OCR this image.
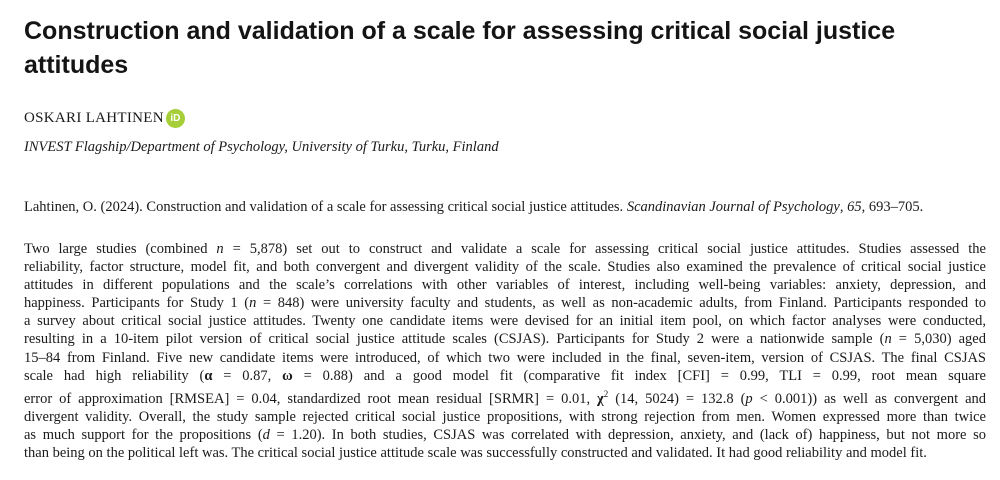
Construction and validation of a scale for assessing critical social justice attitudes
OSKARI LAHTINEN iD
INVEST Flagship/Department of Psychology, University of Turku, Turku, Finland
Lahtinen, O. (2024). Construction and validation of a scale for assessing critical social justice attitudes. Scandinavian Journal of Psychology, 65, 693–705.
Two large studies (combined n = 5,878) set out to construct and validate a scale for assessing critical social justice attitudes. Studies assessed the
reliability, factor structure, model fit, and both convergent and divergent validity of the scale. Studies also examined the prevalence of critical social justice
attitudes in different populations and the scale’s correlations with other variables of interest, including well-being variables: anxiety, depression, and
happiness. Participants for Study 1 (n = 848) were university faculty and students, as well as non-academic adults, from Finland. Participants responded to
a survey about critical social justice attitudes. Twenty one candidate items were devised for an initial item pool, on which factor analyses were conducted,
resulting in a 10-item pilot version of critical social justice attitude scales (CSJAS). Participants for Study 2 were a nationwide sample (n = 5,030) aged
15–84 from Finland. Five new candidate items were introduced, of which two were included in the final, seven-item, version of CSJAS. The final CSJAS
scale had high reliability (α = 0.87, ω = 0.88) and a good model fit (comparative fit index [CFI] = 0.99, TLI = 0.99, root mean square
error of approximation [RMSEA] = 0.04, standardized root mean residual [SRMR] = 0.01, $\chi^2$ (14, 5024) = 132.8 (p < 0.001)) as well as convergent and
divergent validity. Overall, the study sample rejected critical social justice propositions, with strong rejection from men. Women expressed more than twice
as much support for the propositions (d = 1.20). In both studies, CSJAS was correlated with depression, anxiety, and (lack of) happiness, but not more so
than being on the political left was. The critical social justice attitude scale was successfully constructed and validated. It had good reliability and model fit.
